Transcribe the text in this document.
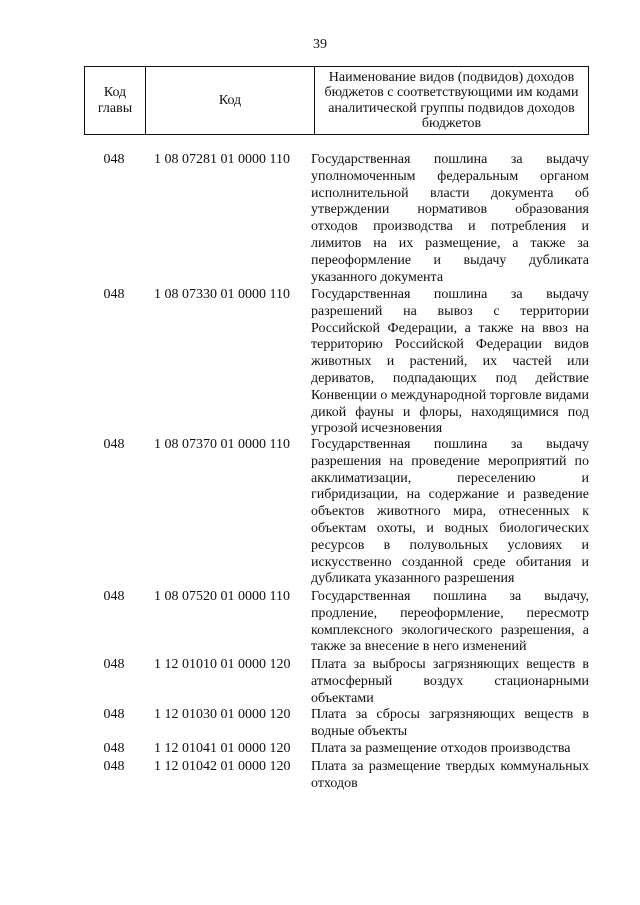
39
Код главы	Код	Наименование видов (подвидов) доходов бюджетов с соответствующими им кодами аналитической группы подвидов доходов бюджетов
048	1 08 07281 01 0000 110	Государственная пошлина за выдачу уполномоченным федеральным органом исполнительной власти документа об утверждении нормативов образования отходов производства и потребления и лимитов на их размещение, а также за переоформление и выдачу дубликата указанного документа
048	1 08 07330 01 0000 110	Государственная пошлина за выдачу разрешений на вывоз с территории Российской Федерации, а также на ввоз на территорию Российской Федерации видов животных и растений, их частей или дериватов, подпадающих под действие Конвенции о международной торговле видами дикой фауны и флоры, находящимися под угрозой исчезновения
048	1 08 07370 01 0000 110	Государственная пошлина за выдачу разрешения на проведение мероприятий по акклиматизации, переселению и гибридизации, на содержание и разведение объектов животного мира, отнесенных к объектам охоты, и водных биологических ресурсов в полувольных условиях и искусственно созданной среде обитания и дубликата указанного разрешения
048	1 08 07520 01 0000 110	Государственная пошлина за выдачу, продление, переоформление, пересмотр комплексного экологического разрешения, а также за внесение в него изменений
048	1 12 01010 01 0000 120	Плата за выбросы загрязняющих веществ в атмосферный воздух стационарными объектами
048	1 12 01030 01 0000 120	Плата за сбросы загрязняющих веществ в водные объекты
048	1 12 01041 01 0000 120	Плата за размещение отходов производства
048	1 12 01042 01 0000 120	Плата за размещение твердых коммунальных отходов
